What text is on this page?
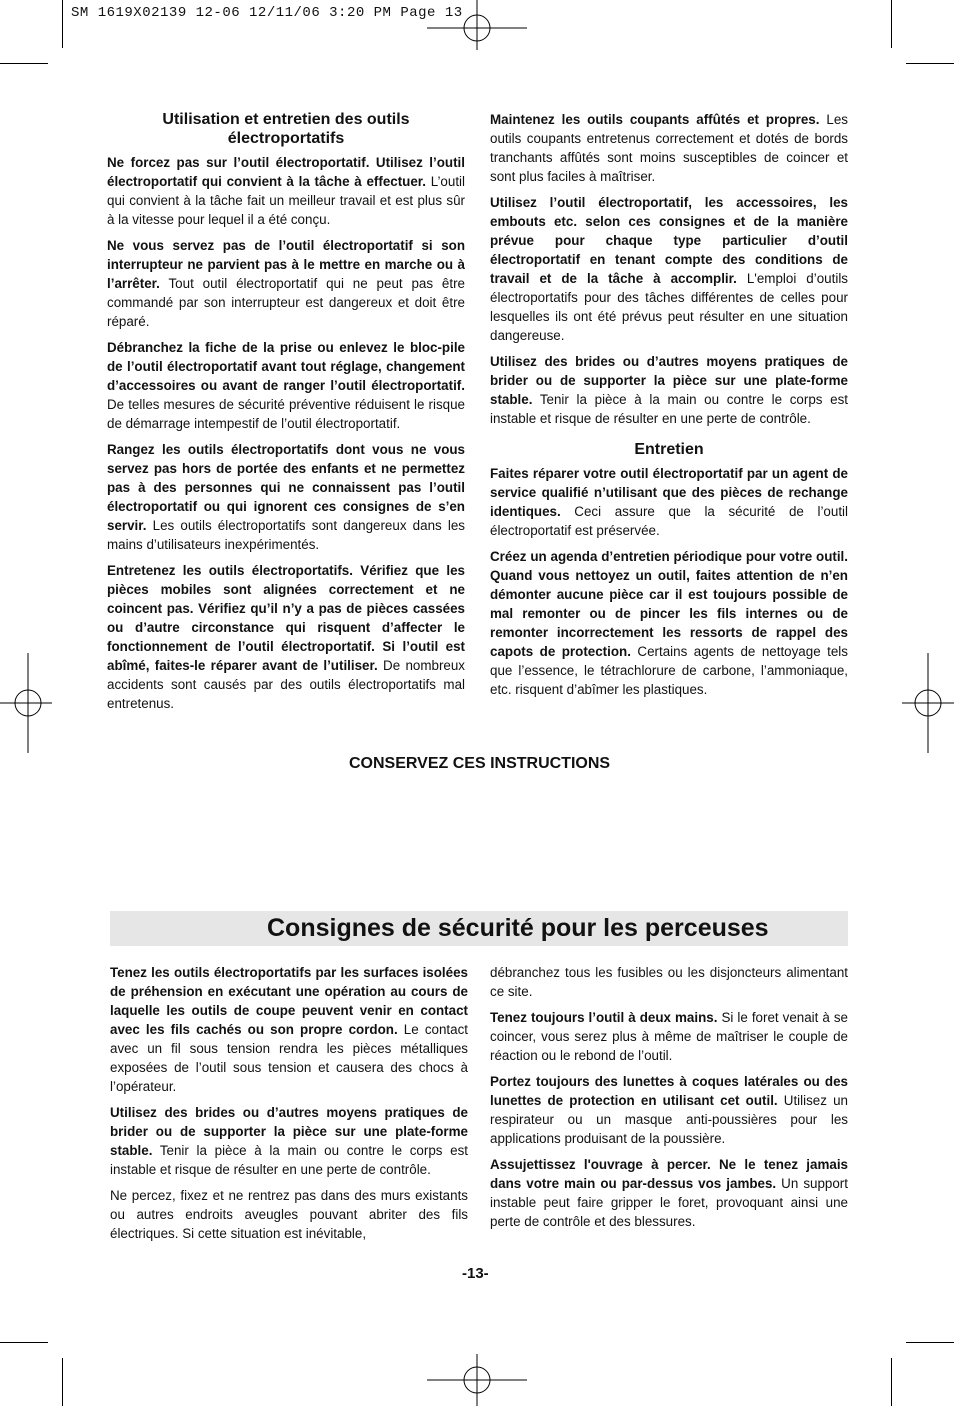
SM 1619X02139 12-06 12/11/06 3:20 PM Page 13
Utilisation et entretien des outils électroportatifs

Ne forcez pas sur l’outil électroportatif. Utilisez l’outil électroportatif qui convient à la tâche à effectuer. L’outil qui convient à la tâche fait un meilleur travail et est plus sûr à la vitesse pour lequel il a été conçu.

Ne vous servez pas de l’outil électroportatif si son interrupteur ne parvient pas à le mettre en marche ou à l’arrêter. Tout outil électroportatif qui ne peut pas être commandé par son interrupteur est dangereux et doit être réparé.

Débranchez la fiche de la prise ou enlevez le bloc-pile de l’outil électroportatif avant tout réglage, changement d’accessoires ou avant de ranger l’outil électroportatif. De telles mesures de sécurité préventive réduisent le risque de démarrage intempestif de l’outil électroportatif.

Rangez les outils électroportatifs dont vous ne vous servez pas hors de portée des enfants et ne permettez pas à des personnes qui ne connaissent pas l’outil électroportatif ou qui ignorent ces consignes de s’en servir. Les outils électroportatifs sont dangereux dans les mains d’utilisateurs inexpérimentés.

Entretenez les outils électroportatifs. Vérifiez que les pièces mobiles sont alignées correctement et ne coincent pas. Vérifiez qu’il n’y a pas de pièces cassées ou d’autre circonstance qui risquent d’affecter le fonctionnement de l’outil électroportatif. Si l’outil est abîmé, faites-le réparer avant de l’utiliser. De nombreux accidents sont causés par des outils électroportatifs mal entretenus.

Maintenez les outils coupants affûtés et propres. Les outils coupants entretenus correctement et dotés de bords tranchants affûtés sont moins susceptibles de coincer et sont plus faciles à maîtriser.

Utilisez l’outil électroportatif, les accessoires, les embouts etc. selon ces consignes et de la manière prévue pour chaque type particulier d’outil électroportatif en tenant compte des conditions de travail et de la tâche à accomplir. L'emploi d’outils électroportatifs pour des tâches différentes de celles pour lesquelles ils ont été prévus peut résulter en une situation dangereuse.

Utilisez des brides ou d’autres moyens pratiques de brider ou de supporter la pièce sur une plate-forme stable. Tenir la pièce à la main ou contre le corps est instable et risque de résulter en une perte de contrôle.

Entretien

Faites réparer votre outil électroportatif par un agent de service qualifié n’utilisant que des pièces de rechange identiques. Ceci assure que la sécurité de l’outil électroportatif est préservée.

Créez un agenda d’entretien périodique pour votre outil. Quand vous nettoyez un outil, faites attention de n’en démonter aucune pièce car il est toujours possible de mal remonter ou de pincer les fils internes ou de remonter incorrectement les ressorts de rappel des capots de protection. Certains agents de nettoyage tels que l’essence, le tétrachlorure de carbone, l’ammoniaque, etc. risquent d’abîmer les plastiques.

CONSERVEZ CES INSTRUCTIONS
Consignes de sécurité pour les perceuses

Tenez les outils électroportatifs par les surfaces isolées de préhension en exécutant une opération au cours de laquelle les outils de coupe peuvent venir en contact avec les fils cachés ou son propre cordon. Le contact avec un fil sous tension rendra les pièces métalliques exposées de l’outil sous tension et causera des chocs à l’opérateur.

Utilisez des brides ou d’autres moyens pratiques de brider ou de supporter la pièce sur une plate-forme stable. Tenir la pièce à la main ou contre le corps est instable et risque de résulter en une perte de contrôle.

Ne percez, fixez et ne rentrez pas dans des murs existants ou autres endroits aveugles pouvant abriter des fils électriques. Si cette situation est inévitable,

débranchez tous les fusibles ou les disjoncteurs alimentant ce site.

Tenez toujours l’outil à deux mains. Si le foret venait à se coincer, vous serez plus à même de maîtriser le couple de réaction ou le rebond de l’outil.

Portez toujours des lunettes à coques latérales ou des lunettes de protection en utilisant cet outil. Utilisez un respirateur ou un masque anti-poussières pour les applications produisant de la poussière.

Assujettissez l'ouvrage à percer. Ne le tenez jamais dans votre main ou par-dessus vos jambes. Un support instable peut faire gripper le foret, provoquant ainsi une perte de contrôle et des blessures.

-13-
